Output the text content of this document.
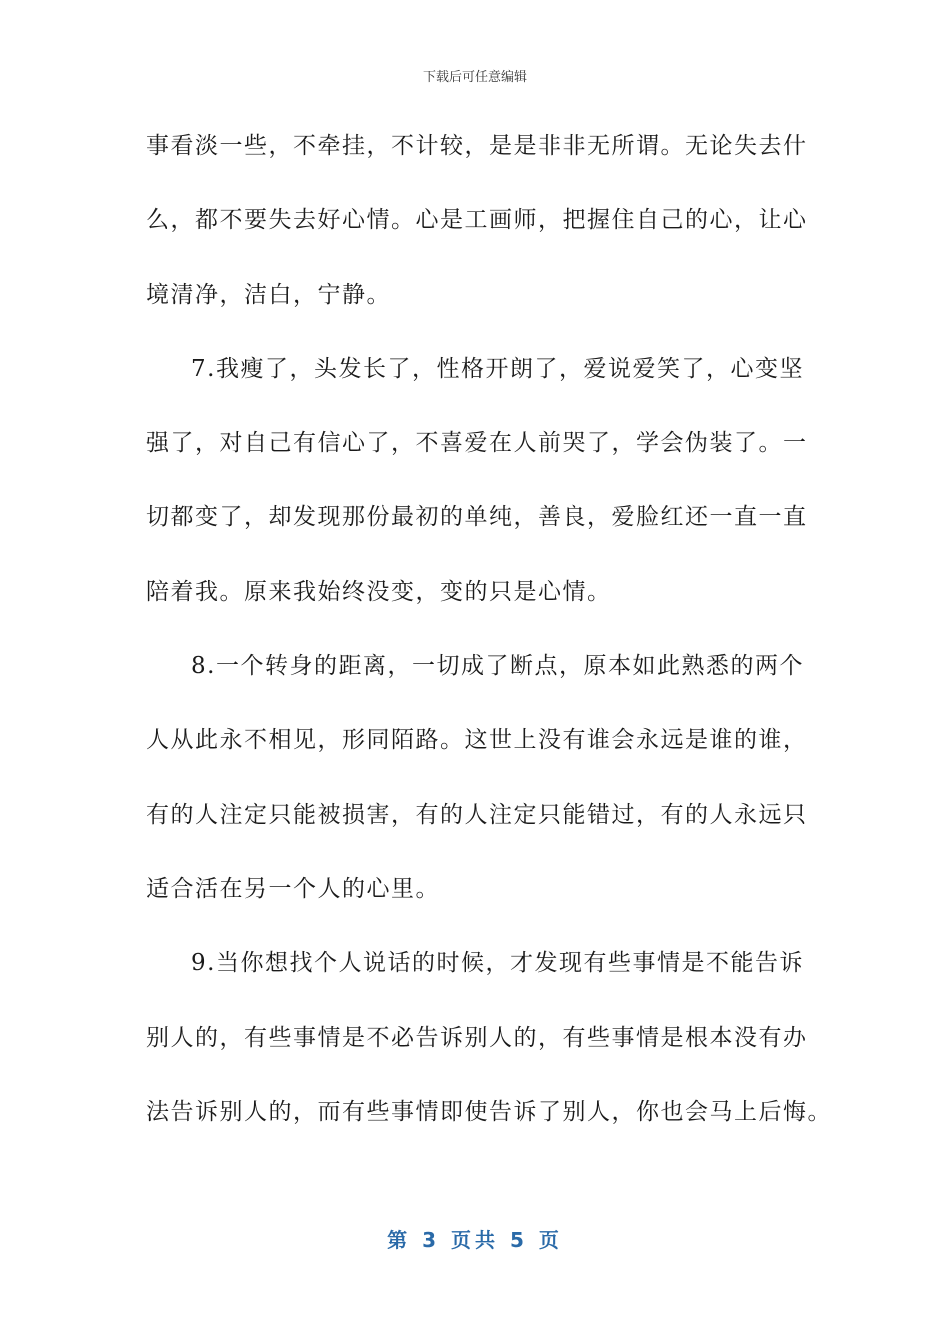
下载后可任意编辑
事看淡一些，不牵挂，不计较，是是非非无所谓。无论失去什
么，都不要失去好心情。心是工画师，把握住自己的心，让心
境清净，洁白，宁静。
7.我瘦了，头发长了，性格开朗了，爱说爱笑了，心变坚
强了，对自己有信心了，不喜爱在人前哭了，学会伪装了。一
切都变了，却发现那份最初的单纯，善良，爱脸红还一直一直
陪着我。原来我始终没变，变的只是心情。
8.一个转身的距离，一切成了断点，原本如此熟悉的两个
人从此永不相见，形同陌路。这世上没有谁会永远是谁的谁，
有的人注定只能被损害，有的人注定只能错过，有的人永远只
适合活在另一个人的心里。
9.当你想找个人说话的时候，才发现有些事情是不能告诉
别人的，有些事情是不必告诉别人的，有些事情是根本没有办
法告诉别人的，而有些事情即使告诉了别人，你也会马上后悔。
第 3 页共 5 页
